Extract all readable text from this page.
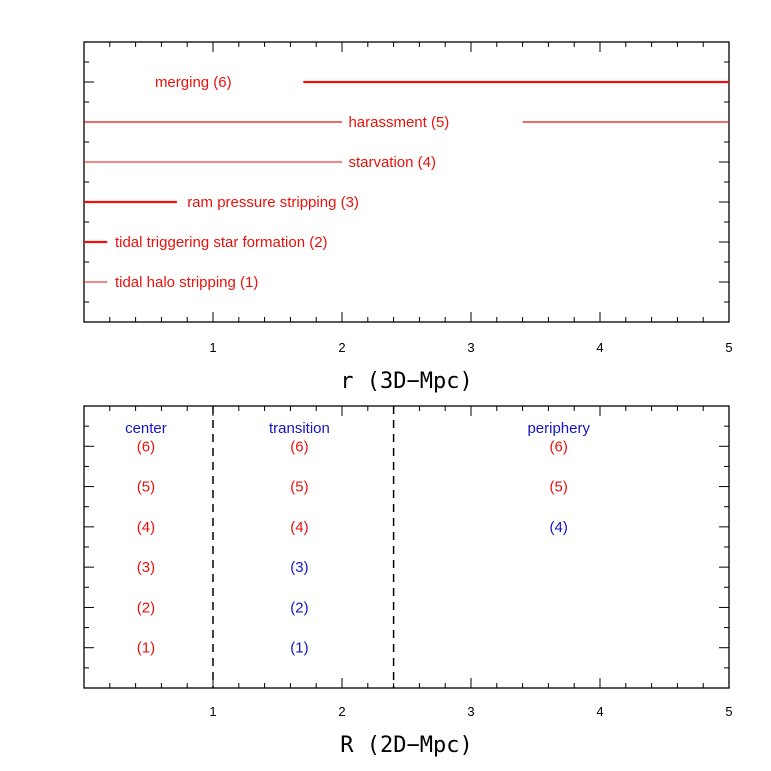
1	2	3	4	5
r (3D−Mpc)
merging (6)
harassment (5)
starvation (4)
ram pressure stripping (3)
tidal triggering star formation (2)
tidal halo stripping (1)
1	2	3	4	5
R (2D−Mpc)
center
(6)
(5)
(4)
(3)
(2)
(1)
transition
(6)
(5)
(4)
(3)
(2)
(1)
periphery
(6)
(5)
(4)
